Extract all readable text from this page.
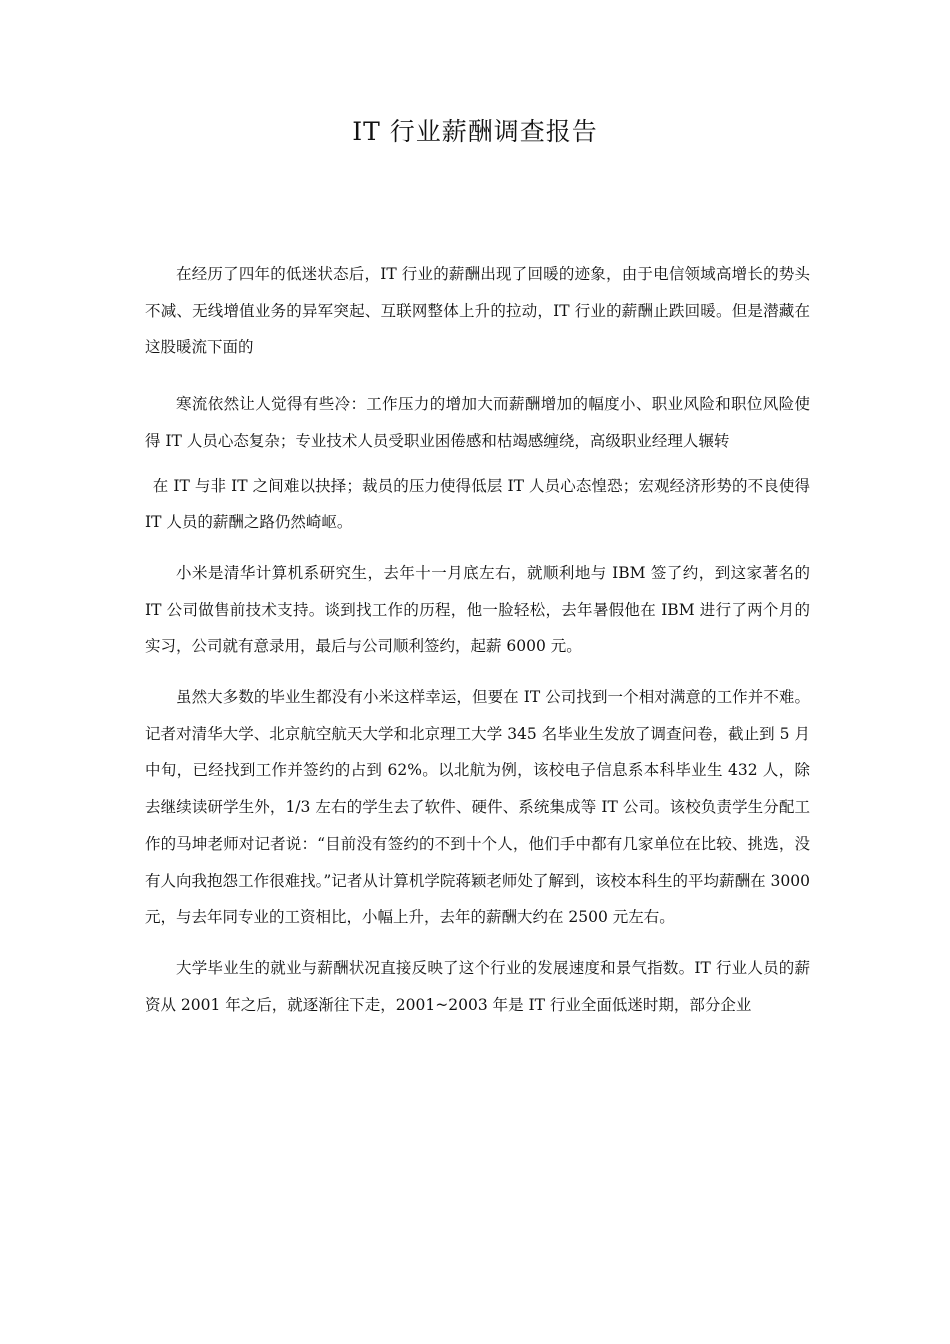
IT 行业薪酬调查报告

在经历了四年的低迷状态后，IT 行业的薪酬出现了回暖的迹象，由于电信领域高增长的势头不减、无线增值业务的异军突起、互联网整体上升的拉动，IT 行业的薪酬止跌回暖。但是潜藏在这股暖流下面的

寒流依然让人觉得有些冷：工作压力的增加大而薪酬增加的幅度小、职业风险和职位风险使得 IT 人员心态复杂；专业技术人员受职业困倦感和枯竭感缠绕，高级职业经理人辗转

在 IT 与非 IT 之间难以抉择；裁员的压力使得低层 IT 人员心态惶恐；宏观经济形势的不良使得 IT 人员的薪酬之路仍然崎岖。

小米是清华计算机系研究生，去年十一月底左右，就顺利地与 IBM 签了约，到这家著名的 IT 公司做售前技术支持。谈到找工作的历程，他一脸轻松，去年暑假他在 IBM 进行了两个月的实习，公司就有意录用，最后与公司顺利签约，起薪 6000 元。

虽然大多数的毕业生都没有小米这样幸运，但要在 IT 公司找到一个相对满意的工作并不难。记者对清华大学、北京航空航天大学和北京理工大学 345 名毕业生发放了调查问卷，截止到 5 月中旬，已经找到工作并签约的占到 62%。以北航为例，该校电子信息系本科毕业生 432 人，除去继续读研学生外，1/3 左右的学生去了软件、硬件、系统集成等 IT 公司。该校负责学生分配工作的马坤老师对记者说：“目前没有签约的不到十个人，他们手中都有几家单位在比较、挑选，没有人向我抱怨工作很难找。”记者从计算机学院蒋颖老师处了解到，该校本科生的平均薪酬在 3000 元，与去年同专业的工资相比，小幅上升，去年的薪酬大约在 2500 元左右。

大学毕业生的就业与薪酬状况直接反映了这个行业的发展速度和景气指数。IT 行业人员的薪资从 2001 年之后，就逐渐往下走，2001~2003 年是 IT 行业全面低迷时期，部分企业
